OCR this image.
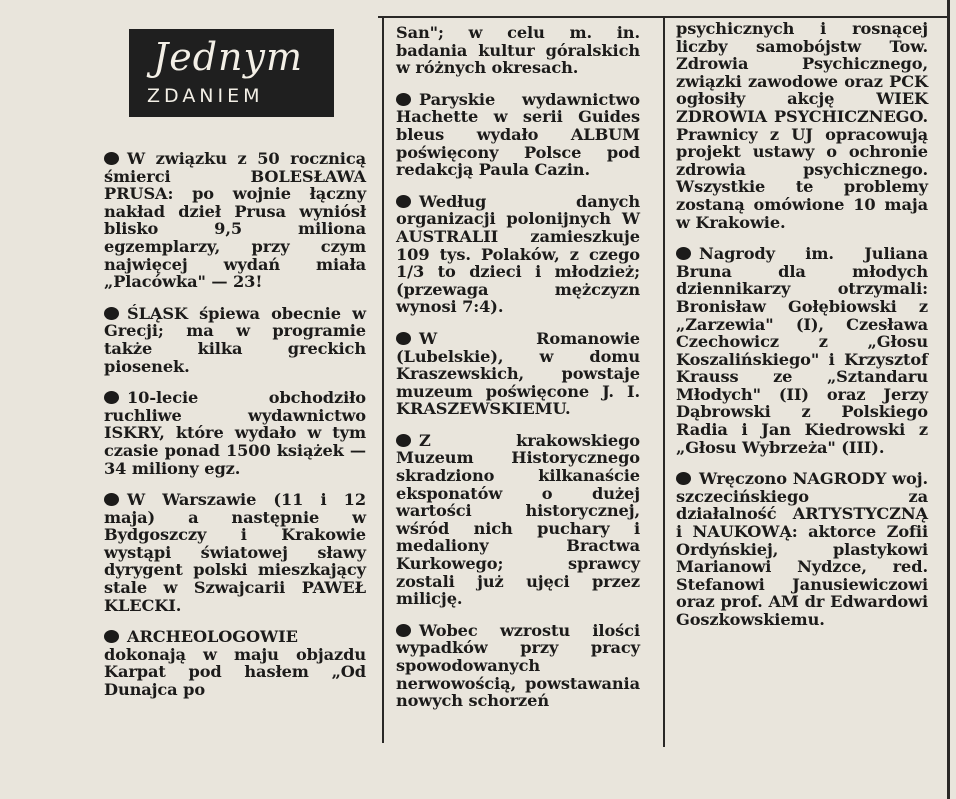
Jednym
ZDANIEM
W związku z 50 rocznicą śmierci BOLESŁAWA PRUSA: po wojnie łączny nakład dzieł Prusa wyniósł blisko 9,5 miliona egzemplarzy, przy czym najwięcej wydań miała „Placówka" — 23!
ŚLĄSK śpiewa obecnie w Grecji; ma w programie także kilka greckich piosenek.
10-lecie obchodziło ruchliwe wydawnictwo ISKRY, które wydało w tym czasie ponad 1500 książek — 34 miliony egz.
W Warszawie (11 i 12 maja) a następnie w Bydgoszczy i Krakowie wystąpi światowej sławy dyrygent polski mieszkający stale w Szwajcarii PAWEŁ KLECKI.
ARCHEOLOGOWIE dokonają w maju objazdu Karpat pod hasłem „Od Dunajca po
San"; w celu m. in. badania kultur góralskich w różnych okresach.
Paryskie wydawnictwo Hachette w serii Guides bleus wydało ALBUM poświęcony Polsce pod redakcją Paula Cazin.
Według danych organizacji polonijnych W AUSTRALII zamieszkuje 109 tys. Polaków, z czego 1/3 to dzieci i młodzież; (przewaga mężczyzn wynosi 7:4).
W Romanowie (Lubelskie), w domu Kraszewskich, powstaje muzeum poświęcone J. I. KRASZEWSKIEMU.
Z krakowskiego Muzeum Historycznego skradziono kilkanaście eksponatów o dużej wartości historycznej, wśród nich puchary i medaliony Bractwa Kurkowego; sprawcy zostali już ujęci przez milicję.
Wobec wzrostu ilości wypadków przy pracy spowodowanych nerwowością, powstawania nowych schorzeń
psychicznych i rosnącej liczby samobójstw Tow. Zdrowia Psychicznego, związki zawodowe oraz PCK ogłosiły akcję WIEK ZDROWIA PSYCHICZNEGO. Prawnicy z UJ opracowują projekt ustawy o ochronie zdrowia psychicznego. Wszystkie te problemy zostaną omówione 10 maja w Krakowie.
Nagrody im. Juliana Bruna dla młodych dziennikarzy otrzymali: Bronisław Gołębiowski z „Zarzewia" (I), Czesława Czechowicz z „Głosu Koszalińskiego" i Krzysztof Krauss ze „Sztandaru Młodych" (II) oraz Jerzy Dąbrowski z Polskiego Radia i Jan Kiedrowski z „Głosu Wybrzeża" (III).
Wręczono NAGRODY woj. szczecińskiego za działalność ARTYSTYCZNĄ i NAUKOWĄ: aktorce Zofii Ordyńskiej, plastykowi Marianowi Nydzce, red. Stefanowi Janusiewiczowi oraz prof. AM dr Edwardowi Goszkowskiemu.
